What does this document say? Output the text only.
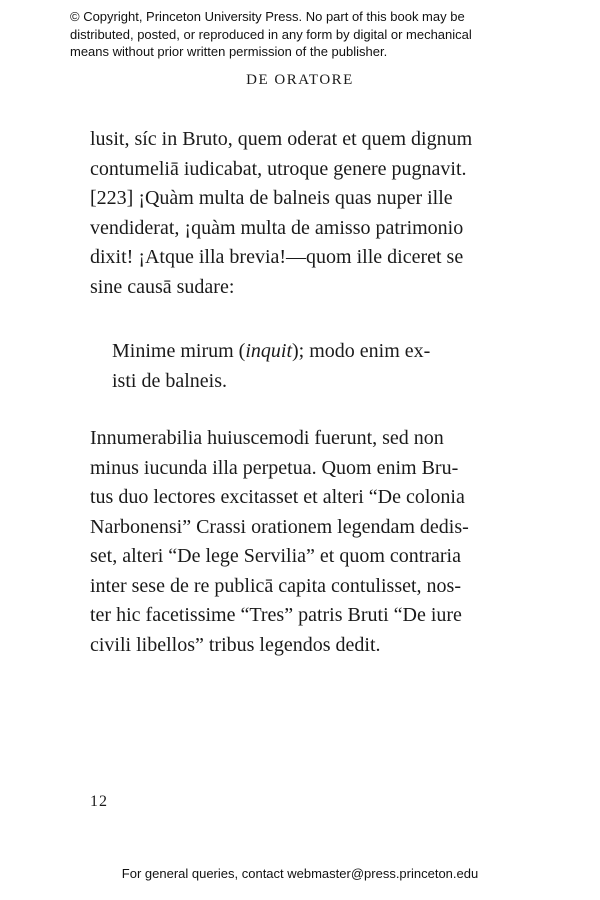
© Copyright, Princeton University Press. No part of this book may be
distributed, posted, or reproduced in any form by digital or mechanical
means without prior written permission of the publisher.
DE ORATORE
lusit, síc in Bruto, quem oderat et quem dignum
contumeliā iudicabat, utroque genere pugnavit.
[223] ¡Quàm multa de balneis quas nuper ille
vendiderat, ¡quàm multa de amisso patrimonio
dixit! ¡Atque illa brevia!—quom ille diceret se
sine causā sudare:
Minime mirum (inquit); modo enim ex-
isti de balneis.
Innumerabilia huiuscemodi fuerunt, sed non
minus iucunda illa perpetua. Quom enim Bru-
tus duo lectores excitasset et alteri “De colonia
Narbonensi” Crassi orationem legendam dedis-
set, alteri “De lege Servilia” et quom contraria
inter sese de re publicā capita contulisset, nos-
ter hic facetissime “Tres” patris Bruti “De iure
civili libellos” tribus legendos dedit.
12
For general queries, contact webmaster@press.princeton.edu
